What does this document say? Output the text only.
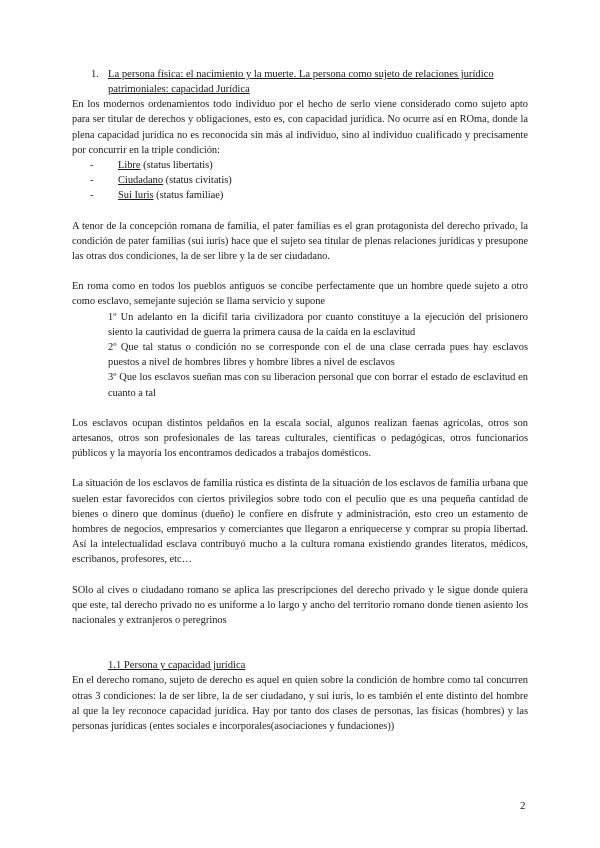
1. La persona física: el nacimiento y la muerte. La persona como sujeto de relaciones jurídico patrimoniales: capacidad Jurídica

En los modernos ordenamientos todo individuo por el hecho de serlo viene considerado como sujeto apto para ser titular de derechos y obligaciones, esto es, con capacidad jurídica. No ocurre así en ROma, donde la plena capacidad jurídica no es reconocida sin más al individuo, sino al individuo cualificado y precisamente por concurrir en la triple condición:

- Libre (status libertatis)
- Ciudadano (status civitatis)
- Sui Iuris (status familiae)

A tenor de la concepción romana de familia, el pater familias es el gran protagonista del derecho privado, la condición de pater familias (sui iuris) hace que el sujeto sea titular de plenas relaciones jurídicas y presupone las otras dos condiciones, la de ser libre y la de ser ciudadano.

En roma como en todos los pueblos antiguos se concibe perfectamente que un hombre quede sujeto a otro como esclavo, semejante sujeción se llama servicio y supone

1º Un adelanto en la dicifil taria civilizadora por cuanto constituye a la ejecución del prisionero siento la cautividad de guerra la primera causa de la caída en la esclavitud

2º Que tal status o condición no se corresponde con el de una clase cerrada pues hay esclavos puestos a nivel de hombres libres y hombre libres a nivel de esclavos

3º Que los esclavos sueñan mas con su liberacion personal que con borrar el estado de esclavitud en cuanto a tal

Los esclavos ocupan distintos peldaños en la escala social, algunos realizan faenas agrícolas, otros son artesanos, otros son profesionales de las tareas culturales, científicas o pedagógicas, otros funcionarios públicos y la mayoría los encontramos dedicados a trabajos domésticos.

La situación de los esclavos de familia rústica es distinta de la situación de los esclavos de familia urbana que suelen estar favorecidos con ciertos privilegios sobre todo con el peculio que es una pequeña cantidad de bienes o dinero que dominus (dueño) le confiere en disfrute y administración, esto creo un estamento de hombres de negocios, empresarios y comerciantes que llegaron a enriquecerse y comprar su propia libertad. Así la intelectualidad esclava contribuyó mucho a la cultura romana existiendo grandes literatos, médicos, escribanos, profesores, etc…

SOlo al cives o ciudadano romano se aplica las prescripciones del derecho privado y le sigue donde quiera que este, tal derecho privado no es uniforme a lo largo y ancho del territorio romano donde tienen asiento los nacionales y extranjeros o peregrinos

1.1 Persona y capacidad jurídica

En el derecho romano, sujeto de derecho es aquel en quien sobre la condición de hombre como tal concurren otras 3 condiciones: la de ser libre, la de ser ciudadano, y sui iuris, lo es también el ente distinto del hombre al que la ley reconoce capacidad jurídica. Hay por tanto dos clases de personas, las físicas (hombres) y las personas jurídicas (entes sociales e incorporales(asociaciones y fundaciones))

2
